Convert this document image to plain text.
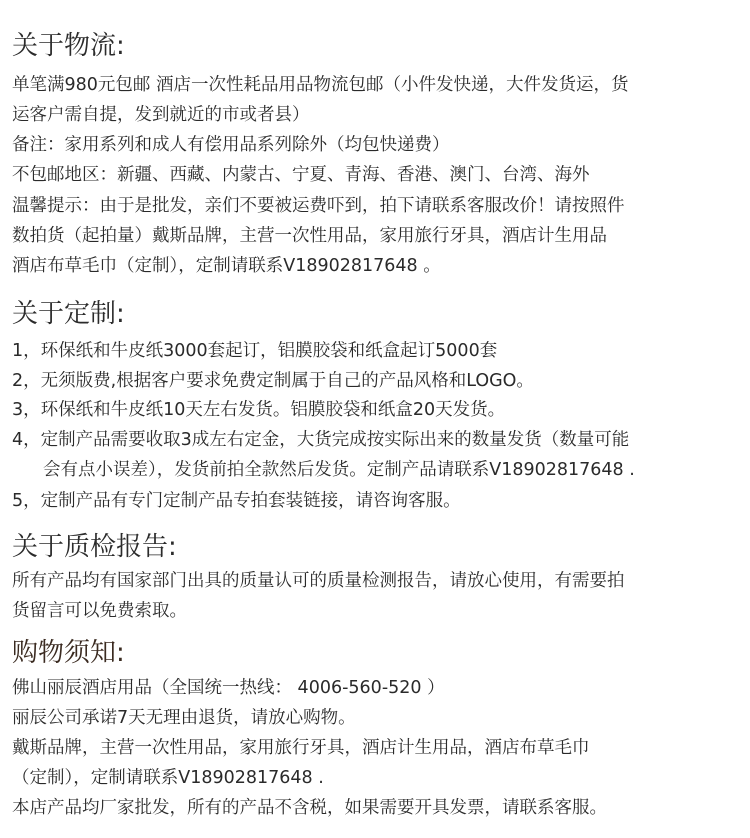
关于物流:
单笔满980元包邮 酒店一次性耗品用品物流包邮（小件发快递，大件发货运，货
运客户需自提，发到就近的市或者县）
备注：家用系列和成人有偿用品系列除外（均包快递费）
不包邮地区：新疆、西藏、内蒙古、宁夏、青海、香港、澳门、台湾、海外
温馨提示：由于是批发，亲们不要被运费吓到，拍下请联系客服改价！请按照件
数拍货（起拍量）戴斯品牌，主营一次性用品，家用旅行牙具，酒店计生用品
酒店布草毛巾（定制），定制请联系V18902817648 。
关于定制:
1，环保纸和牛皮纸3000套起订，铝膜胶袋和纸盒起订5000套
2，无须版费,根据客户要求免费定制属于自己的产品风格和LOGO。
3，环保纸和牛皮纸10天左右发货。铝膜胶袋和纸盒20天发货。
4，定制产品需要收取3成左右定金，大货完成按实际出来的数量发货（数量可能
会有点小误差），发货前拍全款然后发货。定制产品请联系V18902817648 .
5，定制产品有专门定制产品专拍套装链接，请咨询客服。
关于质检报告:
所有产品均有国家部门出具的质量认可的质量检测报告，请放心使用，有需要拍
货留言可以免费索取。
购物须知:
佛山丽辰酒店用品（全国统一热线： 4006-560-520 ）
丽辰公司承诺7天无理由退货，请放心购物。
戴斯品牌，主营一次性用品，家用旅行牙具，酒店计生用品，酒店布草毛巾
（定制），定制请联系V18902817648 .
本店产品均厂家批发，所有的产品不含税，如果需要开具发票，请联系客服。
